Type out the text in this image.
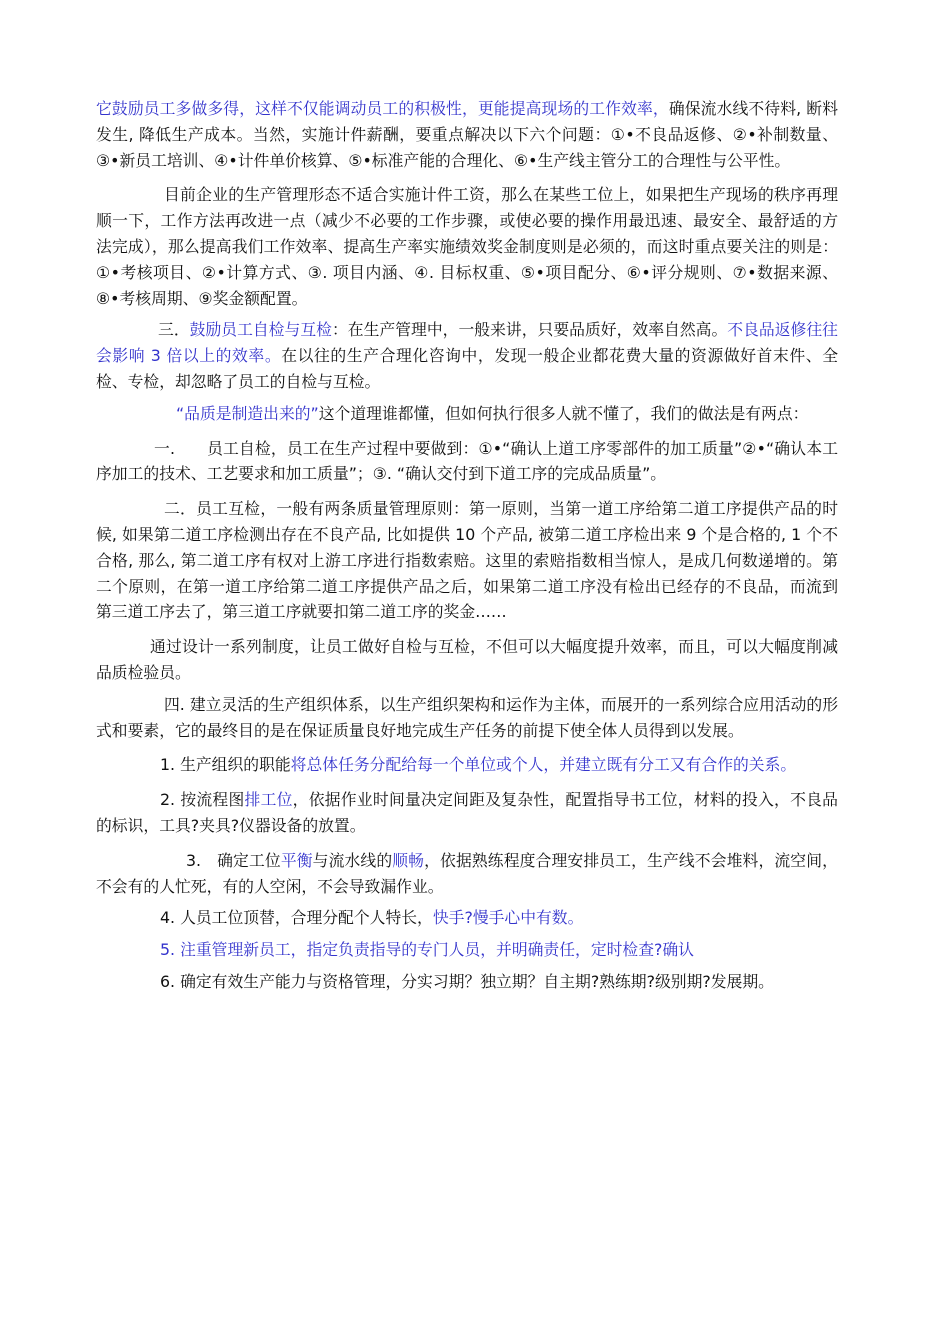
它鼓励员工多做多得，这样不仅能调动员工的积极性，更能提高现场的工作效率，确保流水线不待料, 断料发生, 降低生产成本。当然，实施计件薪酬，要重点解决以下六个问题：①•不良品返修、②•补制数量、③•新员工培训、④•计件单价核算、⑤•标准产能的合理化、⑥•生产线主管分工的合理性与公平性。

目前企业的生产管理形态不适合实施计件工资，那么在某些工位上，如果把生产现场的秩序再理顺一下，工作方法再改进一点（减少不必要的工作步骤，或使必要的操作用最迅速、最安全、最舒适的方法完成），那么提高我们工作效率、提高生产率实施绩效奖金制度则是必须的，而这时重点要关注的则是：①•考核项目、②•计算方式、③. 项目内涵、④. 目标权重、⑤•项目配分、⑥•评分规则、⑦•数据来源、⑧•考核周期、⑨奖金额配置。

三．鼓励员工自检与互检：在生产管理中，一般来讲，只要品质好，效率自然高。不良品返修往往会影响 3 倍以上的效率。在以往的生产合理化咨询中，发现一般企业都花费大量的资源做好首末件、全检、专检，却忽略了员工的自检与互检。

“品质是制造出来的”这个道理谁都懂，但如何执行很多人就不懂了，我们的做法是有两点：

一.　　员工自检，员工在生产过程中要做到：①•“确认上道工序零部件的加工质量”②•“确认本工序加工的技术、工艺要求和加工质量”；③. “确认交付到下道工序的完成品质量”。

二．员工互检，一般有两条质量管理原则：第一原则，当第一道工序给第二道工序提供产品的时候, 如果第二道工序检测出存在不良产品, 比如提供 10 个产品, 被第二道工序检出来 9 个是合格的, 1 个不合格, 那么, 第二道工序有权对上游工序进行指数索赔。这里的索赔指数相当惊人，是成几何数递增的。第二个原则，在第一道工序给第二道工序提供产品之后，如果第二道工序没有检出已经存的不良品，而流到第三道工序去了，第三道工序就要扣第二道工序的奖金……

通过设计一系列制度，让员工做好自检与互检，不但可以大幅度提升效率，而且，可以大幅度削减品质检验员。

四. 建立灵活的生产组织体系，以生产组织架构和运作为主体，而展开的一系列综合应用活动的形式和要素，它的最终目的是在保证质量良好地完成生产任务的前提下使全体人员得到以发展。

1. 生产组织的职能将总体任务分配给每一个单位或个人，并建立既有分工又有合作的关系。

2. 按流程图排工位，依据作业时间量决定间距及复杂性，配置指导书工位，材料的投入，不良品的标识，工具?夹具?仪器设备的放置。

3.　确定工位平衡与流水线的顺畅，依据熟练程度合理安排员工，生产线不会堆料，流空间，不会有的人忙死，有的人空闲，不会导致漏作业。

4. 人员工位顶替，合理分配个人特长，快手?慢手心中有数。

5. 注重管理新员工，指定负责指导的专门人员，并明确责任，定时检查?确认

6. 确定有效生产能力与资格管理，分实习期？独立期？自主期?熟练期?级别期?发展期。
